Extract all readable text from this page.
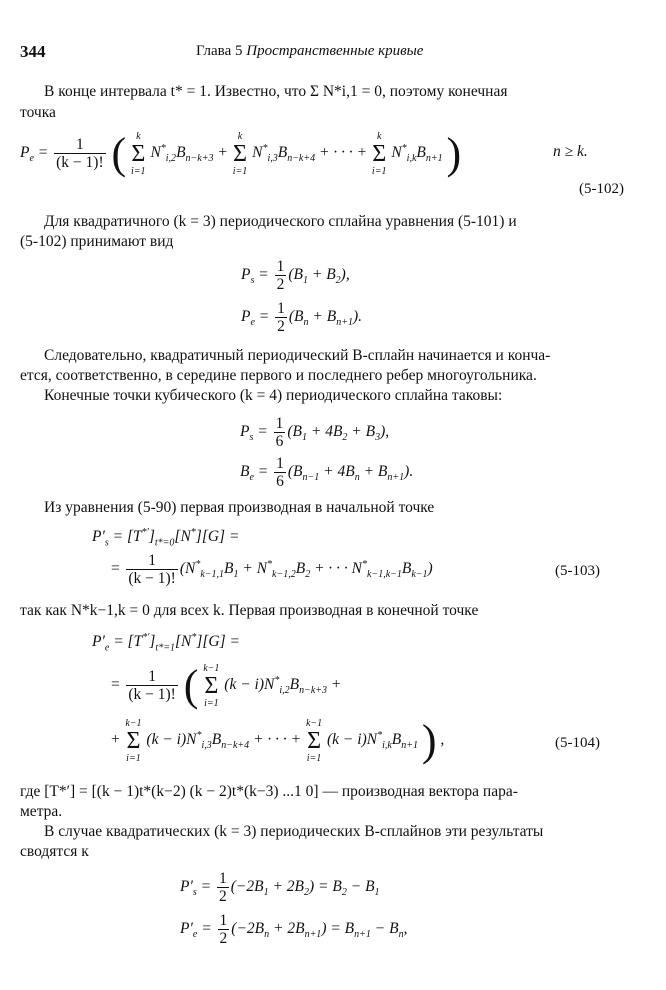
344	Глава 5 Пространственные кривые
В конце интервала t* = 1. Известно, что Σ N*i,1 = 0, поэтому конечная
точка
$P_e = \frac{1}{(k - 1)!}$ ( k
Σ
i=1
$N^*_{i,2}B_{n-k+3}$ +
k
Σ
i=1
$N^*_{i,3}B_{n-k+4}$ + · · · +
k
Σ
i=1
$N^*_{i,k}B_{n+1}$ )	n ≥ k.
(5-102)
Для квадратичного (k = 3) периодического сплайна уравнения (5-101) и
(5-102) принимают вид
$P_s = \frac{1}{2} (B_1 + B_2)$,
$P_e = \frac{1}{2} (B_n + B_{n+1})$.
Следовательно, квадратичный периодический В-сплайн начинается и конча-
ется, соответственно, в середине первого и последнего ребер многоугольника.
Конечные точки кубического (k = 4) периодического сплайна таковы:
$P_s = \frac{1}{6} (B_1 + 4B_2 + B_3)$,
$B_e = \frac{1}{6} (B_{n-1} + 4B_n + B_{n+1})$.
Из уравнения (5-90) первая производная в начальной точке
$P'_s = [T^{*'}]_{t*=0}[N^*][G]$ =
= $\frac{1}{(k - 1)!} (N^*_{k-1,1}B_1 + N^*_{k-1,2}B_2$ + · · · $N^*_{k-1,k-1}B_{k-1}$)	(5-103)
так как N*k−1,k = 0 для всех k. Первая производная в конечной точке
$P'_e = [T^{*'}]_{t*=1}[N^*][G]$ =
= $\frac{1}{(k - 1)!}$ ( k−1
Σ
i=1
$(k - i)N^*_{i,2}B_{n-k+3}$ +
+
k−1
Σ
i=1
$(k - i)N^*_{i,3}B_{n-k+4}$ + · · · +
k−1
Σ
i=1
$(k - i)N^*_{i,k}B_{n+1}$ ) ,	(5-104)
где [T*′] = [(k − 1)t*(k−2) (k − 2)t*(k−3) ...1 0] — производная вектора пара-
метра.
В случае квадратических (k = 3) периодических В-сплайнов эти результаты
сводятся к
$P'_s = \frac{1}{2} (-2B_1 + 2B_2) = B_2 - B_1$
$P'_e = \frac{1}{2} (-2B_n + 2B_{n+1}) = B_{n+1} - B_n$,
